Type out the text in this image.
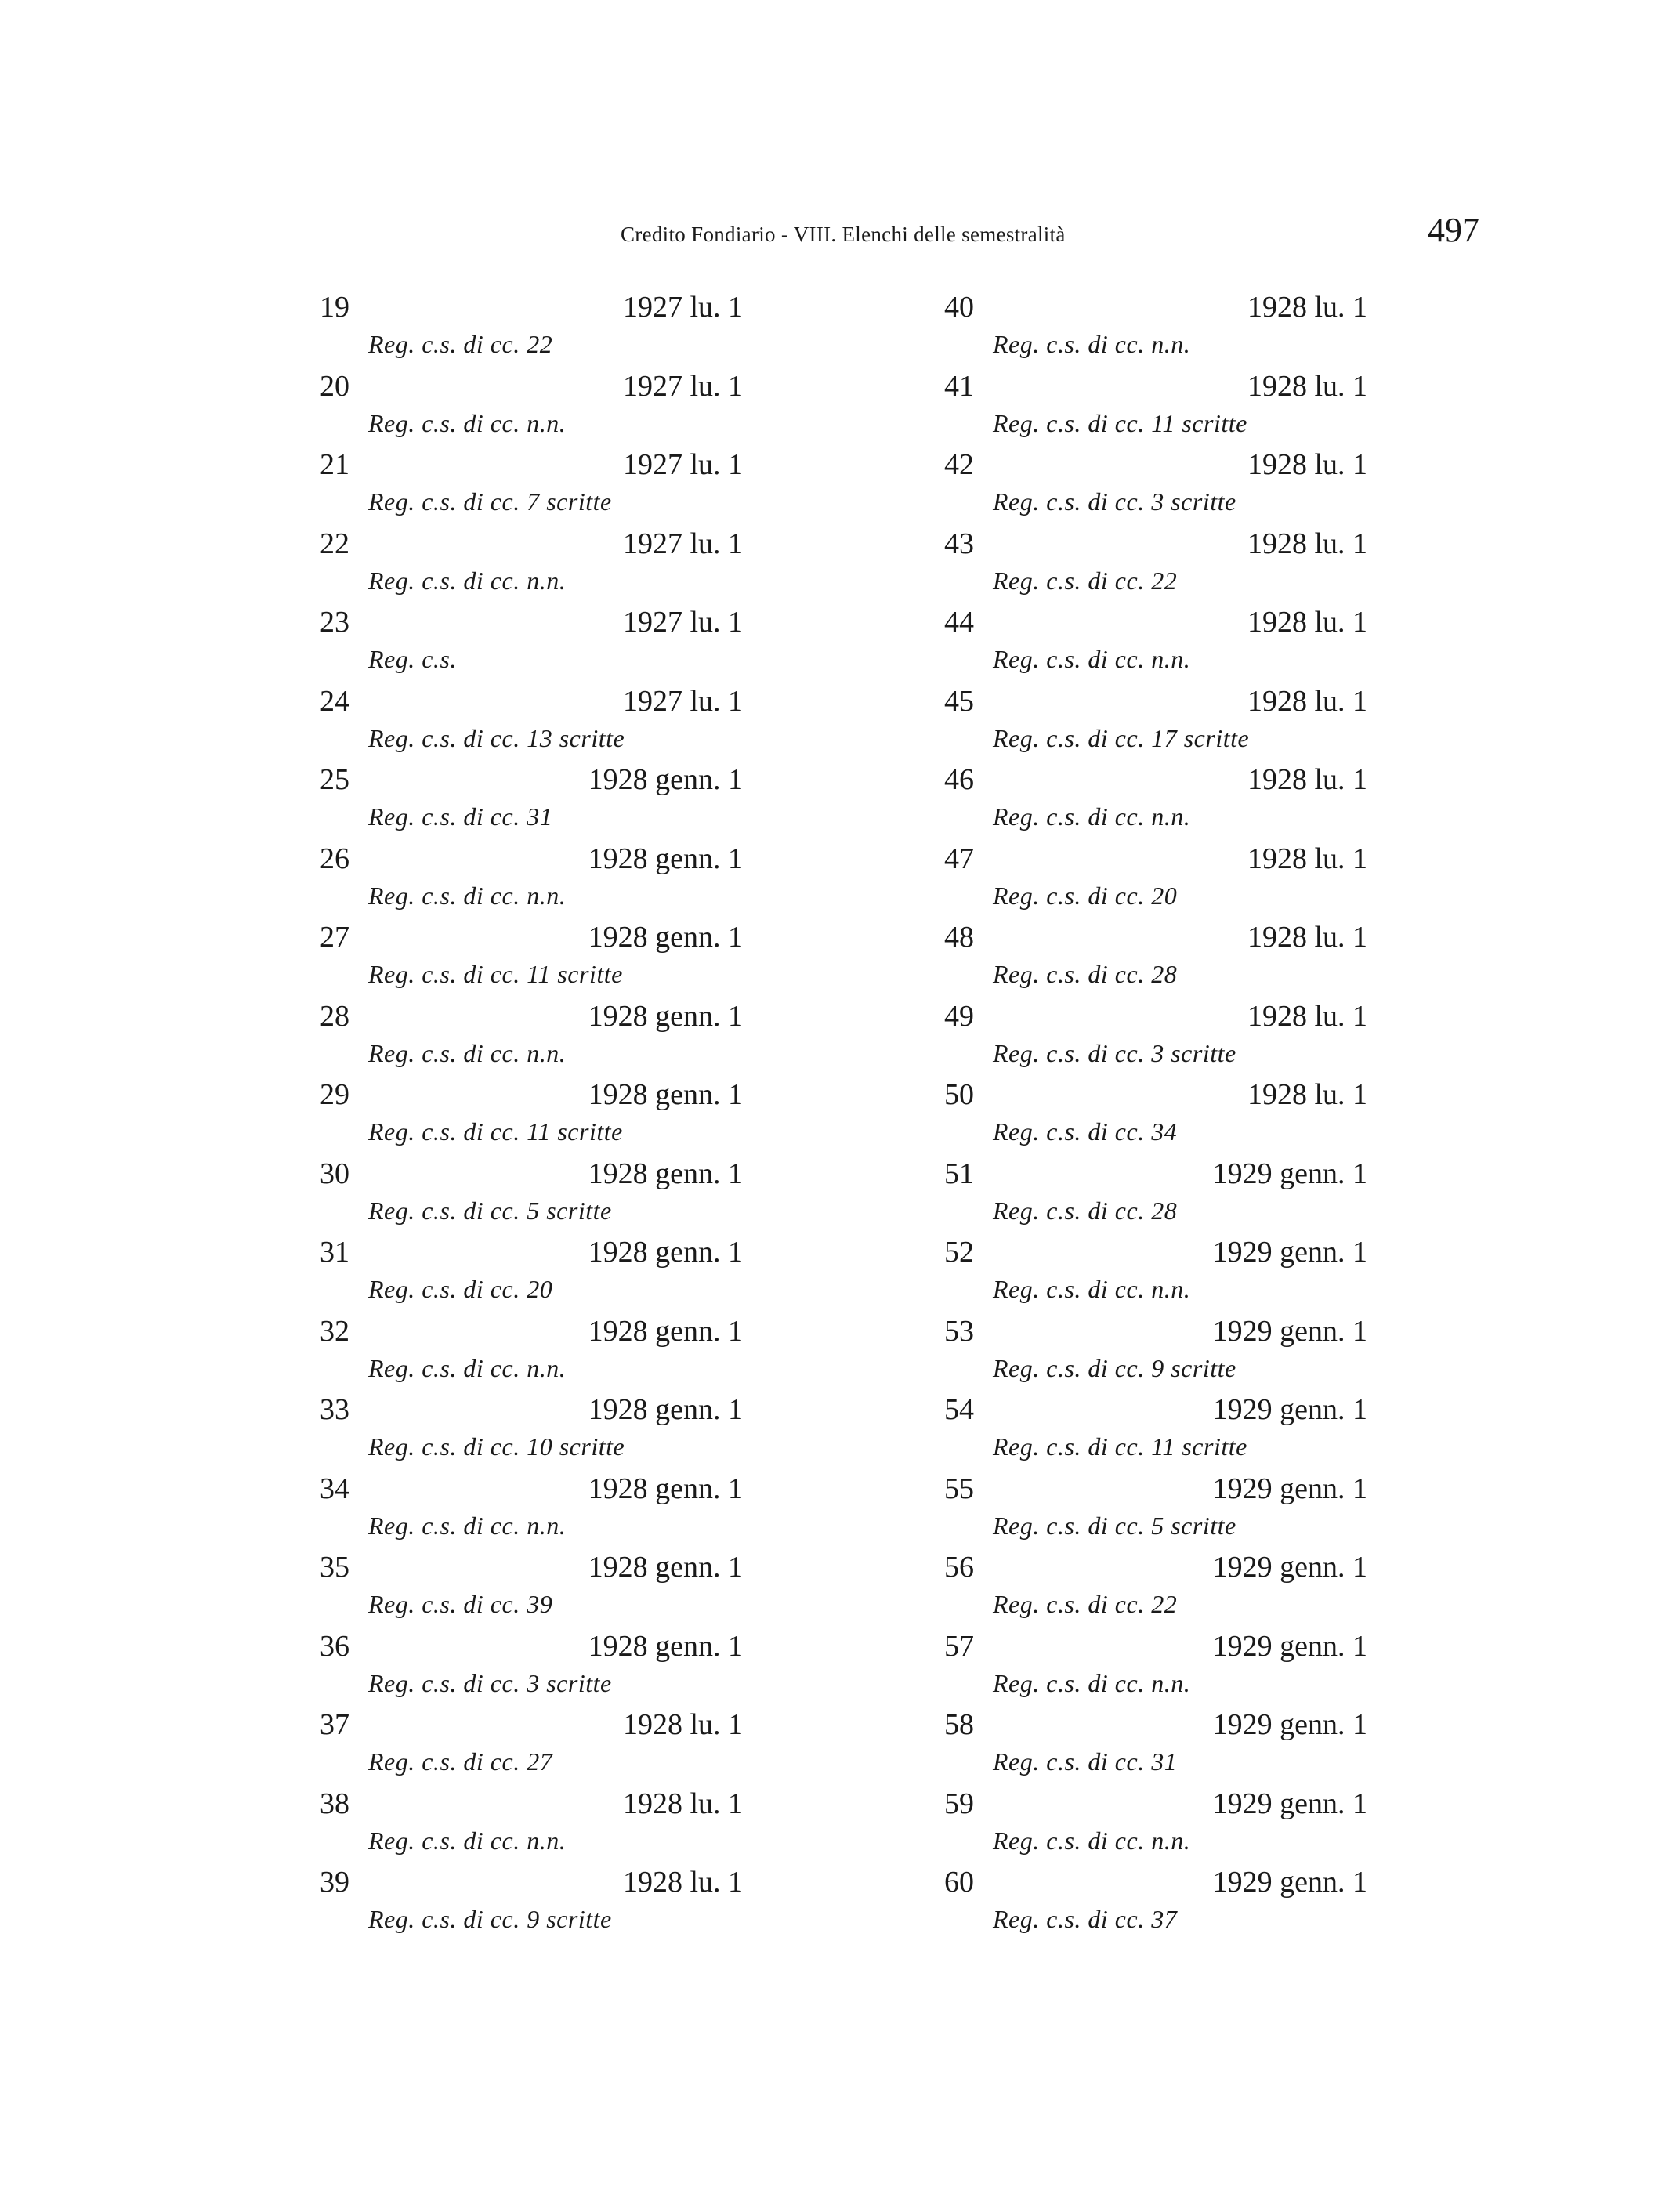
Credito Fondiario - VIII. Elenchi delle semestralità	497
19	1927 lu. 1
Reg. c.s. di cc. 22
20	1927 lu. 1
Reg. c.s. di cc. n.n.
21	1927 lu. 1
Reg. c.s. di cc. 7 scritte
22	1927 lu. 1
Reg. c.s. di cc. n.n.
23	1927 lu. 1
Reg. c.s.
24	1927 lu. 1
Reg. c.s. di cc. 13 scritte
25	1928 genn. 1
Reg. c.s. di cc. 31
26	1928 genn. 1
Reg. c.s. di cc. n.n.
27	1928 genn. 1
Reg. c.s. di cc. 11 scritte
28	1928 genn. 1
Reg. c.s. di cc. n.n.
29	1928 genn. 1
Reg. c.s. di cc. 11 scritte
30	1928 genn. 1
Reg. c.s. di cc. 5 scritte
31	1928 genn. 1
Reg. c.s. di cc. 20
32	1928 genn. 1
Reg. c.s. di cc. n.n.
33	1928 genn. 1
Reg. c.s. di cc. 10 scritte
34	1928 genn. 1
Reg. c.s. di cc. n.n.
35	1928 genn. 1
Reg. c.s. di cc. 39
36	1928 genn. 1
Reg. c.s. di cc. 3 scritte
37	1928 lu. 1
Reg. c.s. di cc. 27
38	1928 lu. 1
Reg. c.s. di cc. n.n.
39	1928 lu. 1
Reg. c.s. di cc. 9 scritte
40	1928 lu. 1
Reg. c.s. di cc. n.n.
41	1928 lu. 1
Reg. c.s. di cc. 11 scritte
42	1928 lu. 1
Reg. c.s. di cc. 3 scritte
43	1928 lu. 1
Reg. c.s. di cc. 22
44	1928 lu. 1
Reg. c.s. di cc. n.n.
45	1928 lu. 1
Reg. c.s. di cc. 17 scritte
46	1928 lu. 1
Reg. c.s. di cc. n.n.
47	1928 lu. 1
Reg. c.s. di cc. 20
48	1928 lu. 1
Reg. c.s. di cc. 28
49	1928 lu. 1
Reg. c.s. di cc. 3 scritte
50	1928 lu. 1
Reg. c.s. di cc. 34
51	1929 genn. 1
Reg. c.s. di cc. 28
52	1929 genn. 1
Reg. c.s. di cc. n.n.
53	1929 genn. 1
Reg. c.s. di cc. 9 scritte
54	1929 genn. 1
Reg. c.s. di cc. 11 scritte
55	1929 genn. 1
Reg. c.s. di cc. 5 scritte
56	1929 genn. 1
Reg. c.s. di cc. 22
57	1929 genn. 1
Reg. c.s. di cc. n.n.
58	1929 genn. 1
Reg. c.s. di cc. 31
59	1929 genn. 1
Reg. c.s. di cc. n.n.
60	1929 genn. 1
Reg. c.s. di cc. 37
